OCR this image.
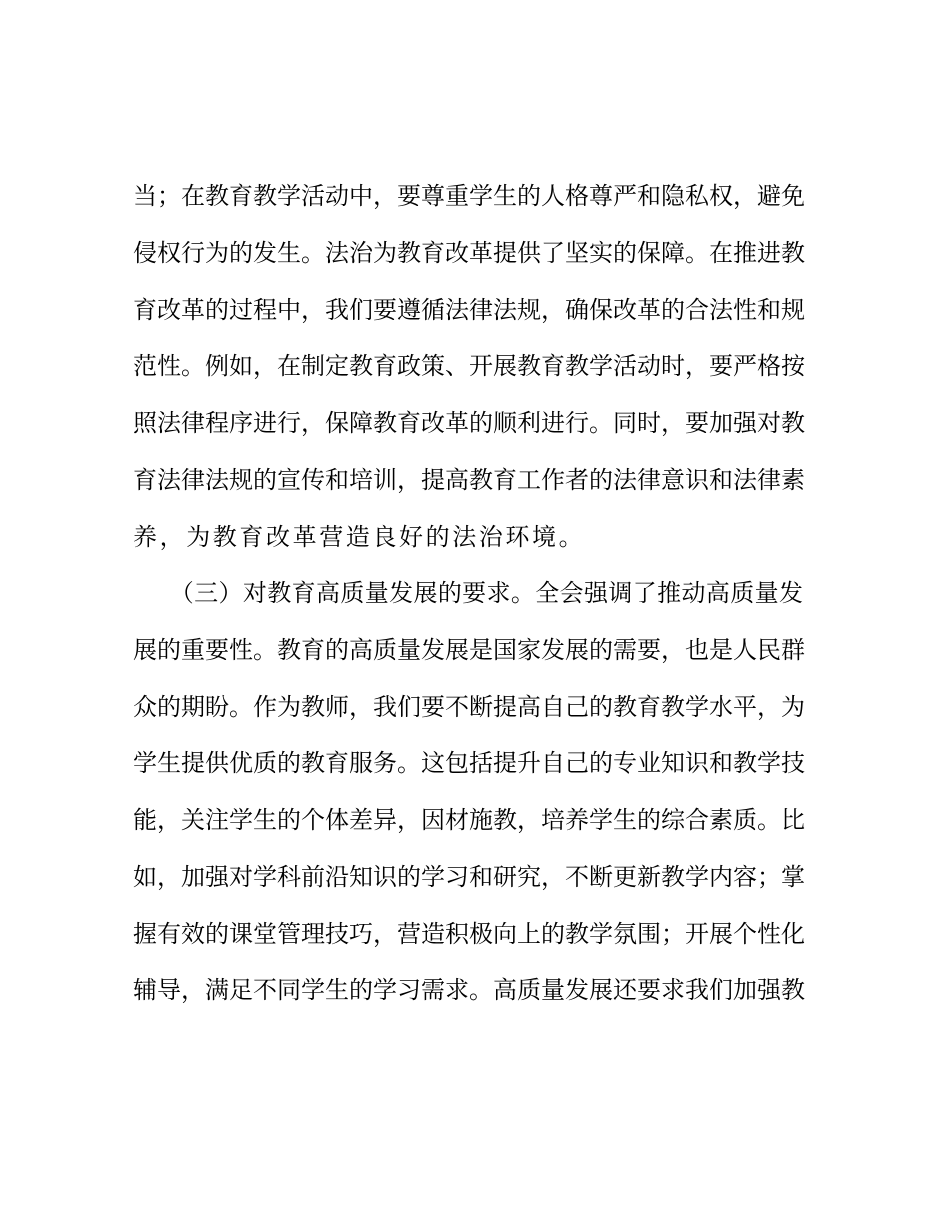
当；在教育教学活动中，要尊重学生的人格尊严和隐私权，避免
侵权行为的发生。法治为教育改革提供了坚实的保障。在推进教
育改革的过程中，我们要遵循法律法规，确保改革的合法性和规
范性。例如，在制定教育政策、开展教育教学活动时，要严格按
照法律程序进行，保障教育改革的顺利进行。同时，要加强对教
育法律法规的宣传和培训，提高教育工作者的法律意识和法律素
养，为教育改革营造良好的法治环境。
　　（三）对教育高质量发展的要求。全会强调了推动高质量发
展的重要性。教育的高质量发展是国家发展的需要，也是人民群
众的期盼。作为教师，我们要不断提高自己的教育教学水平，为
学生提供优质的教育服务。这包括提升自己的专业知识和教学技
能，关注学生的个体差异，因材施教，培养学生的综合素质。比
如，加强对学科前沿知识的学习和研究，不断更新教学内容；掌
握有效的课堂管理技巧，营造积极向上的教学氛围；开展个性化
辅导，满足不同学生的学习需求。高质量发展还要求我们加强教
